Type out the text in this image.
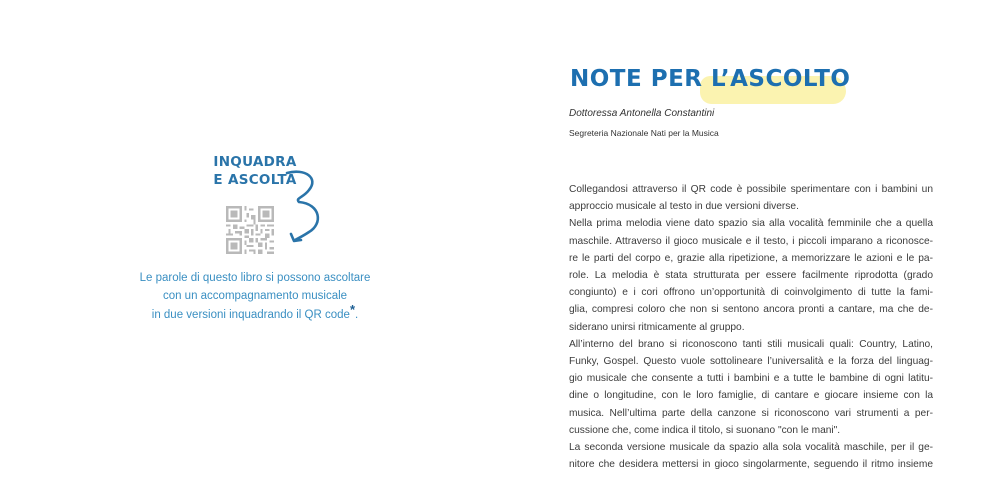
INQUADRA
E ASCOLTA
Le parole di questo libro si possono ascoltare
con un accompagnamento musicale
in due versioni inquadrando il QR code*.
NOTE PER L’ASCOLTO
Dottoressa Antonella Constantini
Segreteria Nazionale Nati per la Musica
Collegandosi attraverso il QR code è possibile sperimentare con i bambini un
approccio musicale al testo in due versioni diverse.
Nella prima melodia viene dato spazio sia alla vocalità femminile che a quella
maschile. Attraverso il gioco musicale e il testo, i piccoli imparano a riconosce-
re le parti del corpo e, grazie alla ripetizione, a memorizzare le azioni e le pa-
role. La melodia è stata strutturata per essere facilmente riprodotta (grado
congiunto) e i cori offrono un’opportunità di coinvolgimento di tutte la fami-
glia, compresi coloro che non si sentono ancora pronti a cantare, ma che de-
siderano unirsi ritmicamente al gruppo.
All’interno del brano si riconoscono tanti stili musicali quali: Country, Latino,
Funky, Gospel. Questo vuole sottolineare l’universalità e la forza del linguag-
gio musicale che consente a tutti i bambini e a tutte le bambine di ogni latitu-
dine o longitudine, con le loro famiglie, di cantare e giocare insieme con la
musica. Nell’ultima parte della canzone si riconoscono vari strumenti a per-
cussione che, come indica il titolo, si suonano "con le mani".
La seconda versione musicale da spazio alla sola vocalità maschile, per il ge-
nitore che desidera mettersi in gioco singolarmente, seguendo il ritmo insieme
